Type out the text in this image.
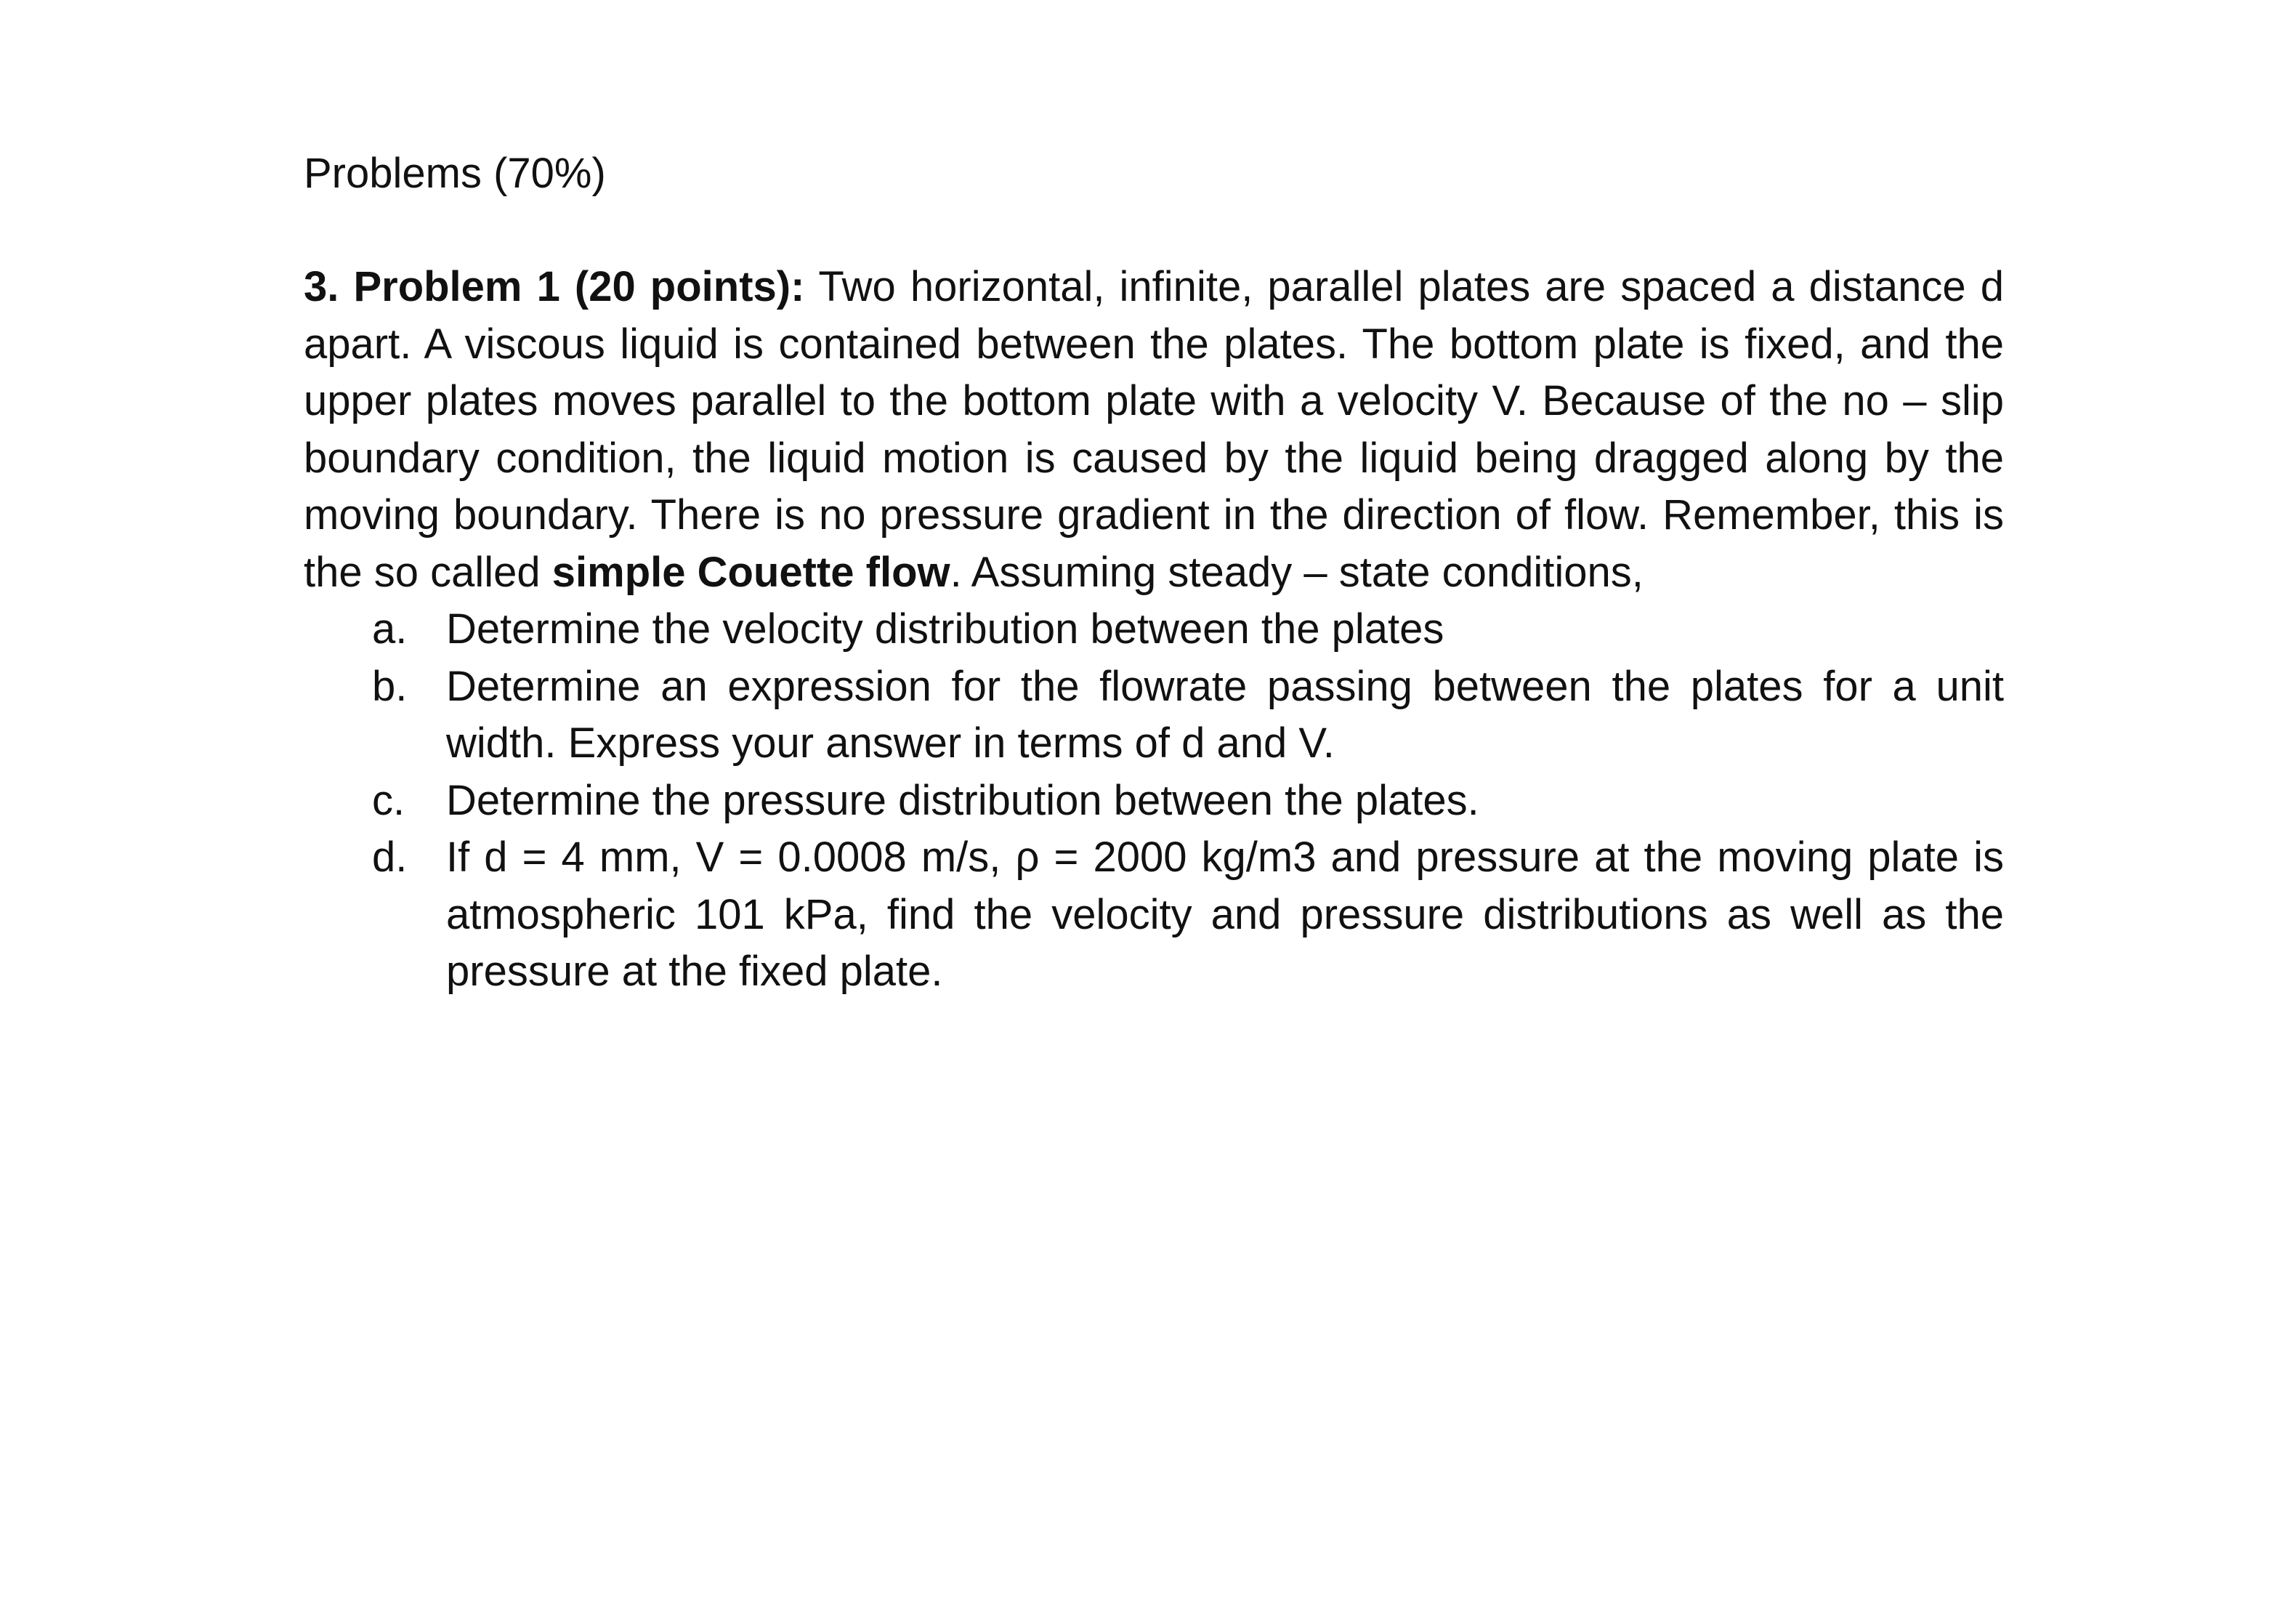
Problems (70%)

3. Problem 1 (20 points): Two horizontal, infinite, parallel plates are spaced a distance d apart. A viscous liquid is contained between the plates. The bottom plate is fixed, and the upper plates moves parallel to the bottom plate with a velocity V. Because of the no – slip boundary condition, the liquid motion is caused by the liquid being dragged along by the moving boundary. There is no pressure gradient in the direction of flow. Remember, this is the so called simple Couette flow. Assuming steady – state conditions,

a. Determine the velocity distribution between the plates
b. Determine an expression for the flowrate passing between the plates for a unit width. Express your answer in terms of d and V.
c. Determine the pressure distribution between the plates.
d. If d = 4 mm, V = 0.0008 m/s, ρ = 2000 kg/m3 and pressure at the moving plate is atmospheric 101 kPa, find the velocity and pressure distributions as well as the pressure at the fixed plate.
